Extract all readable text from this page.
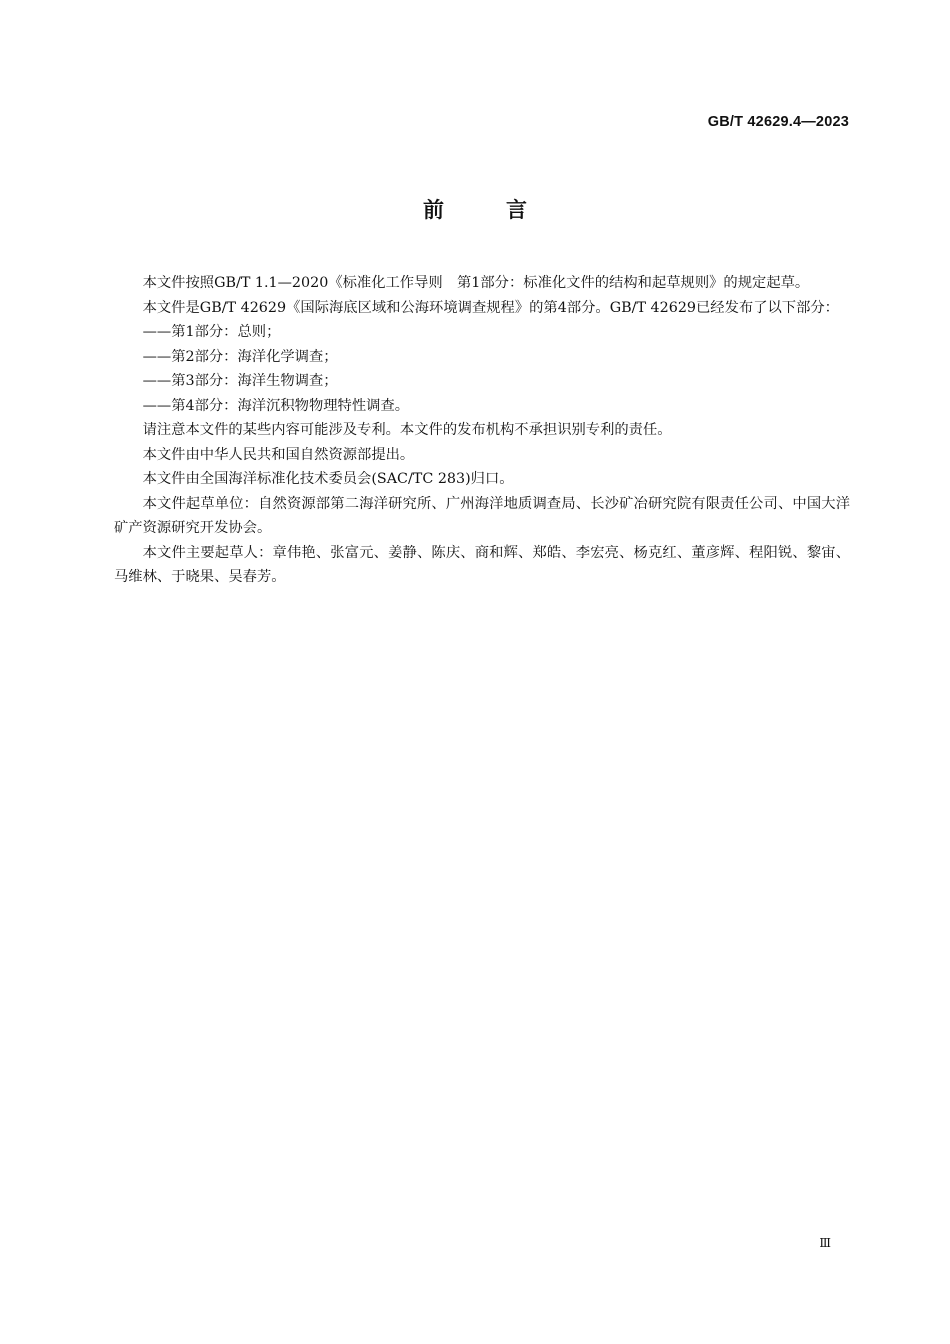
GB/T 42629.4—2023
前言

本文件按照GB/T 1.1—2020《标准化工作导则　第1部分：标准化文件的结构和起草规则》的规定起草。

本文件是GB/T 42629《国际海底区域和公海环境调查规程》的第4部分。GB/T 42629已经发布了以下部分：

——第1部分：总则；

——第2部分：海洋化学调查；

——第3部分：海洋生物调查；

——第4部分：海洋沉积物物理特性调查。

请注意本文件的某些内容可能涉及专利。本文件的发布机构不承担识别专利的责任。

本文件由中华人民共和国自然资源部提出。

本文件由全国海洋标准化技术委员会(SAC/TC 283)归口。

本文件起草单位：自然资源部第二海洋研究所、广州海洋地质调查局、长沙矿冶研究院有限责任公司、中国大洋矿产资源研究开发协会。

本文件主要起草人：章伟艳、张富元、姜静、陈庆、商和辉、郑皓、李宏亮、杨克红、董彦辉、程阳锐、黎宙、马维林、于晓果、吴春芳。

Ⅲ
